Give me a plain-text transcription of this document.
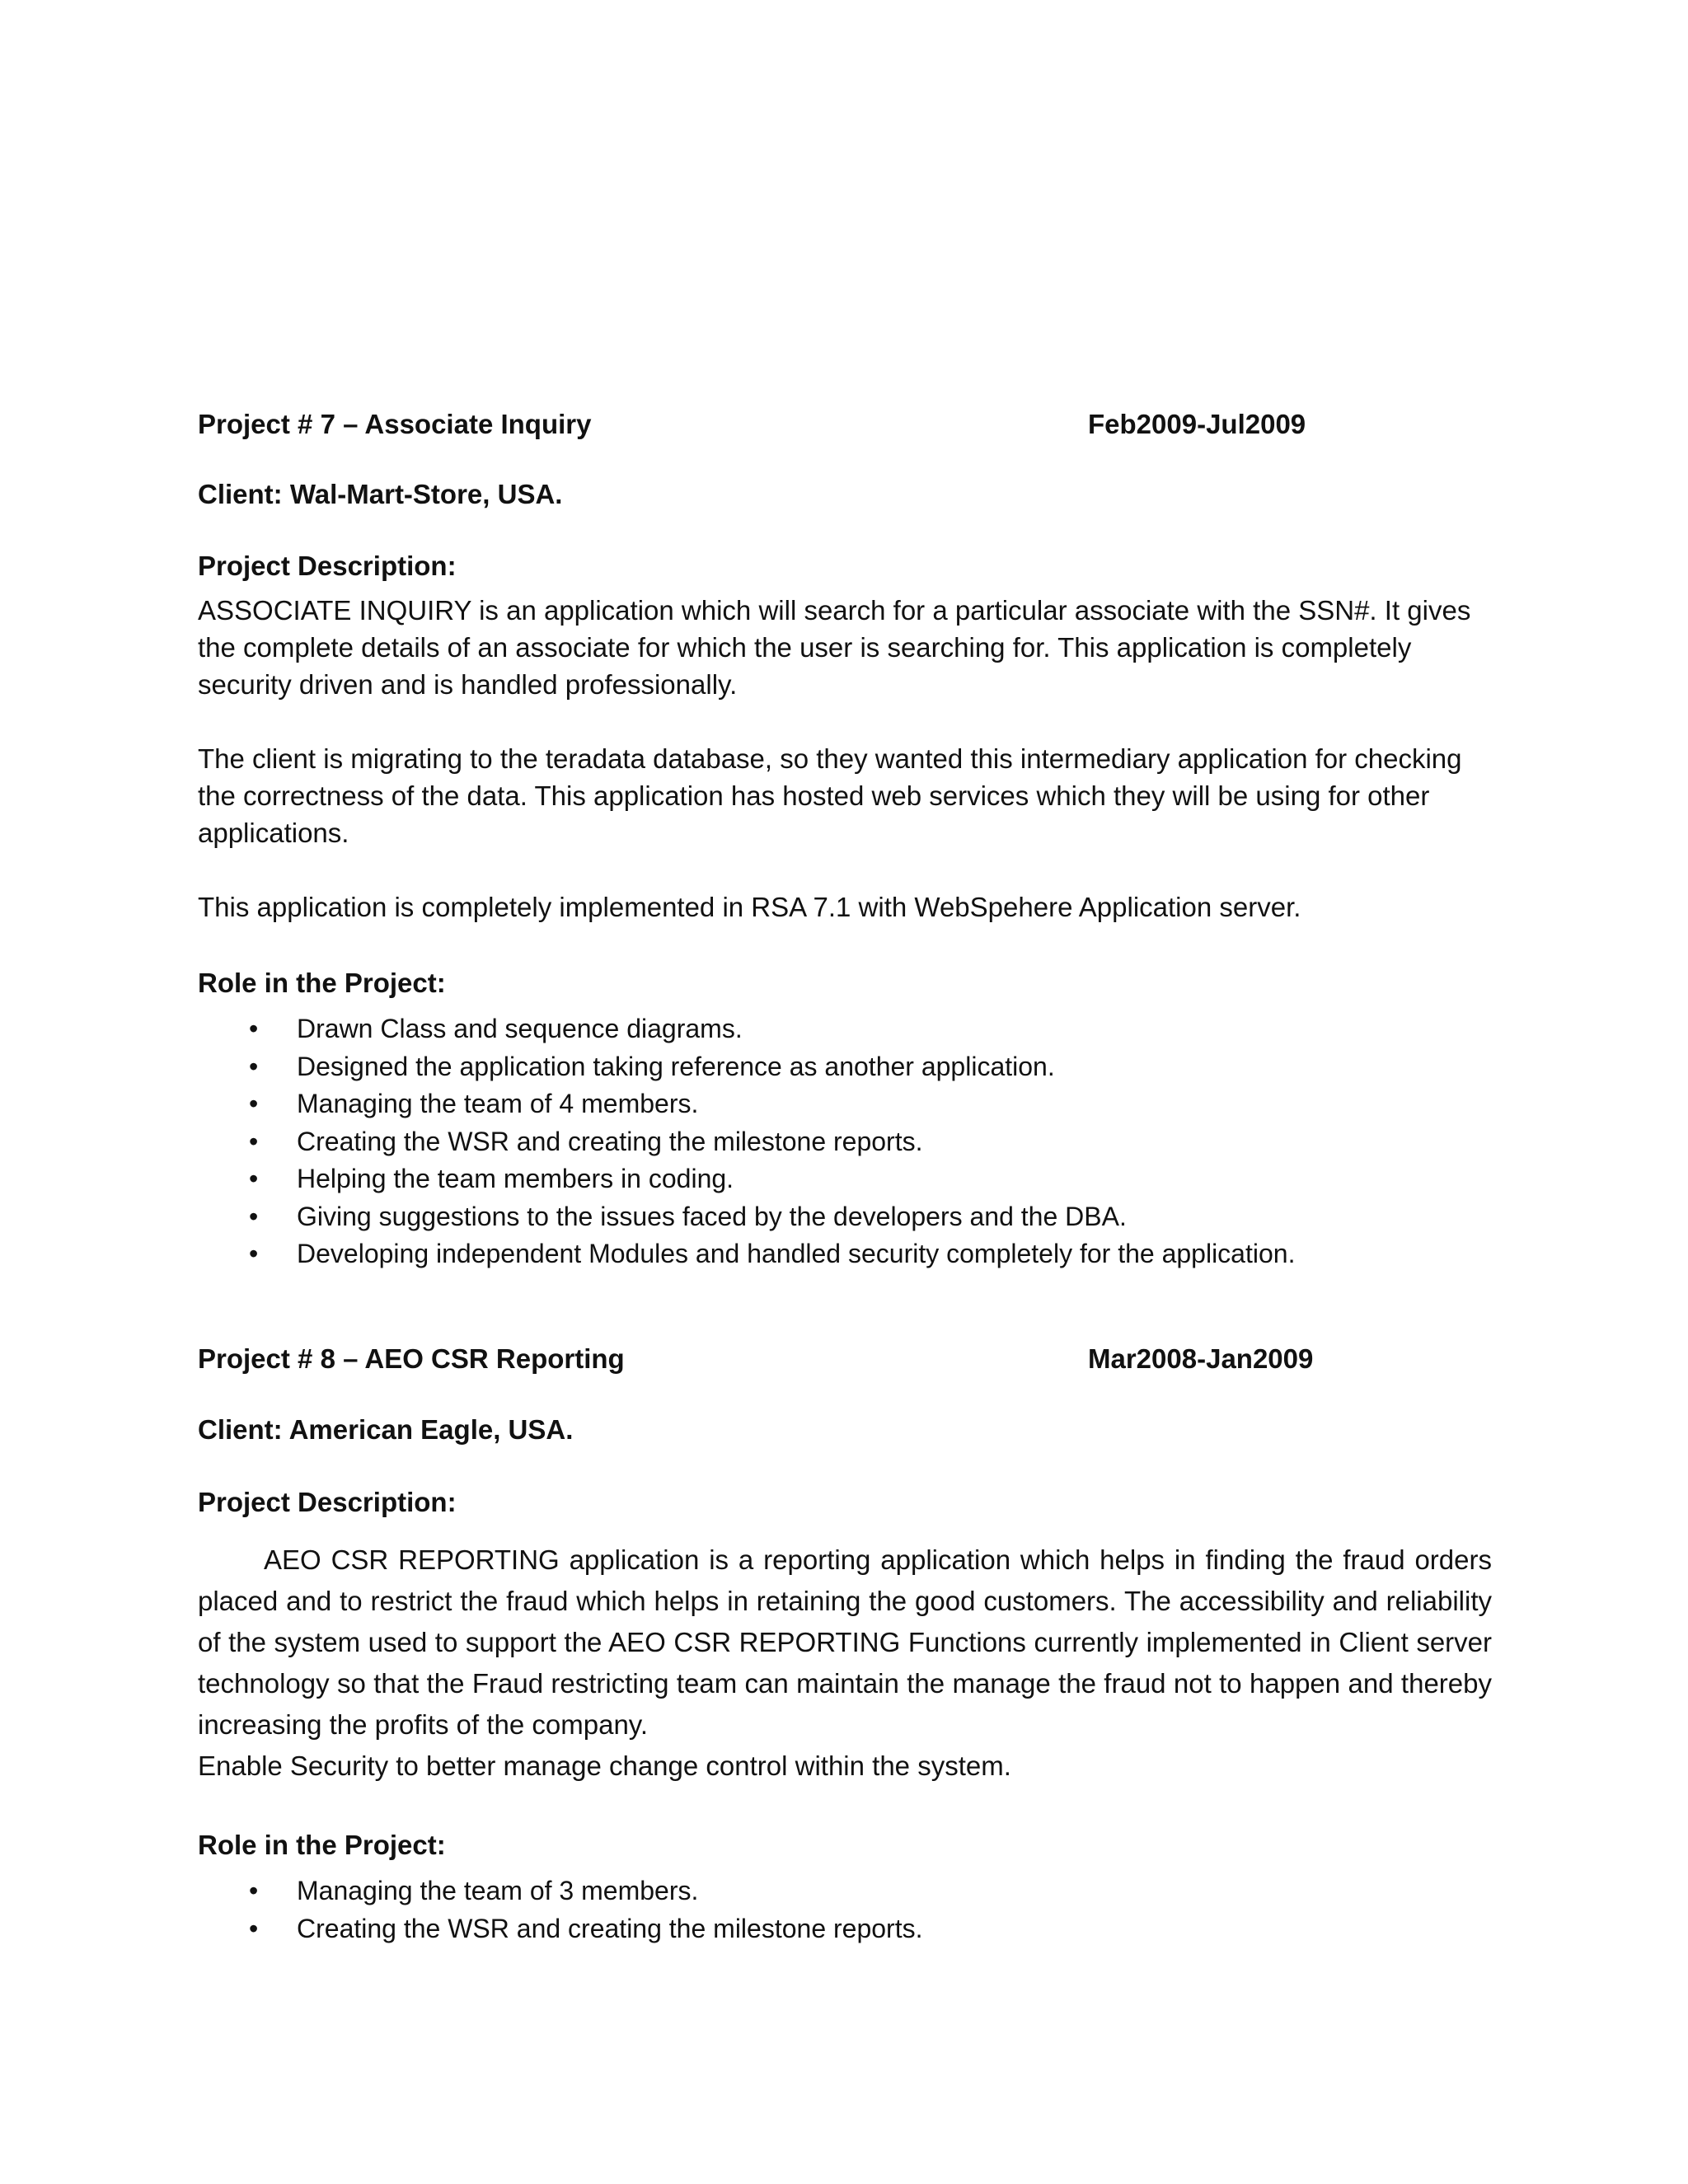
Project # 7 – Associate Inquiry	Feb2009-Jul2009
Client: Wal-Mart-Store, USA.
Project Description:

ASSOCIATE INQUIRY is an application which will search for a particular associate with the SSN#. It gives the complete details of an associate for which the user is searching for. This application is completely security driven and is handled professionally.

The client is migrating to the teradata database, so they wanted this intermediary application for checking the correctness of the data. This application has hosted web services which they will be using for other applications.

This application is completely implemented in RSA 7.1 with WebSpehere Application server.

Role in the Project:
• Drawn Class and sequence diagrams.
• Designed the application taking reference as another application.
• Managing the team of 4 members.
• Creating the WSR and creating the milestone reports.
• Helping the team members in coding.
• Giving suggestions to the issues faced by the developers and the DBA.
• Developing independent Modules and handled security completely for the application.
Project # 8 – AEO CSR Reporting	Mar2008-Jan2009
Client: American Eagle, USA.
Project Description:

AEO CSR REPORTING application is a reporting application which helps in finding the fraud orders placed and to restrict the fraud which helps in retaining the good customers. The accessibility and reliability of the system used to support the AEO CSR REPORTING Functions currently implemented in Client server technology so that the Fraud restricting team can maintain the manage the fraud not to happen and thereby increasing the profits of the company.

Enable Security to better manage change control within the system.

Role in the Project:
• Managing the team of 3 members.
• Creating the WSR and creating the milestone reports.
